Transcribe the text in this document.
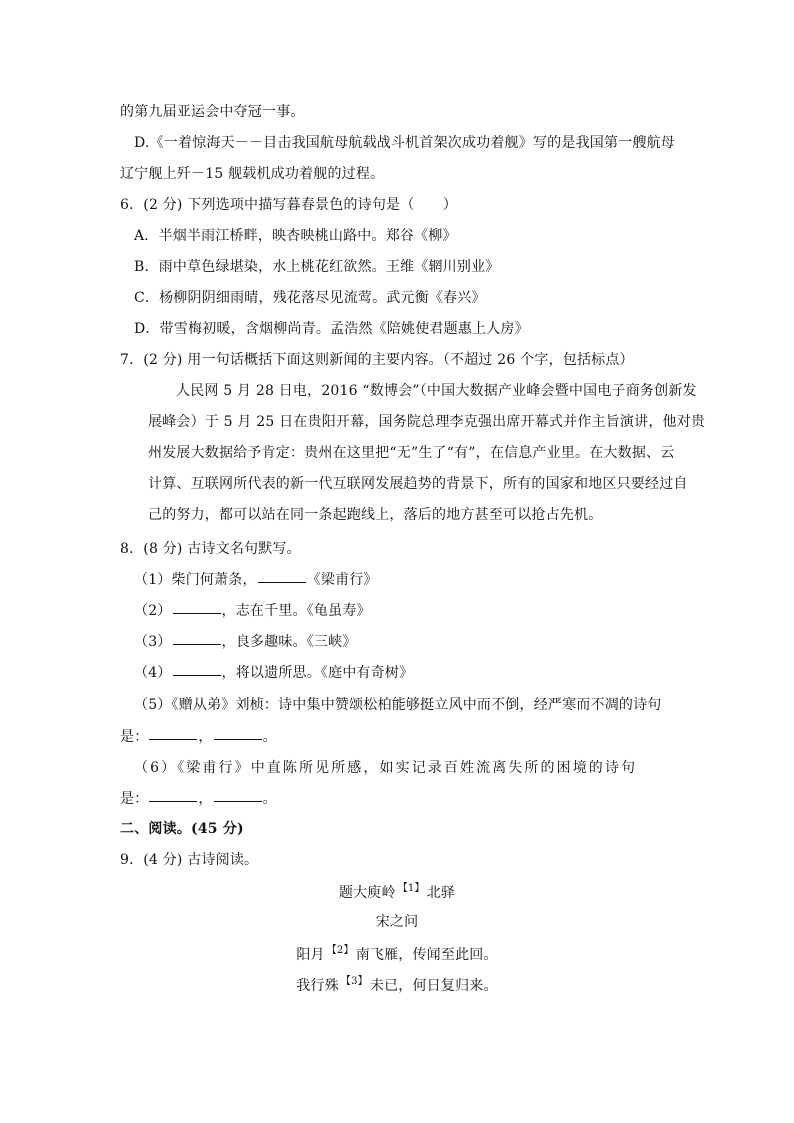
的第九届亚运会中夺冠一事。
D.《一着惊海天－－目击我国航母航载战斗机首架次成功着舰》写的是我国第一艘航母
辽宁舰上歼－15 舰载机成功着舰的过程。
6．(2 分) 下列选项中描写暮春景色的诗句是（　　）
A．半烟半雨江桥畔，映杏映桃山路中。郑谷《柳》
B．雨中草色绿堪染，水上桃花红欲然。王维《辋川别业》
C．杨柳阴阴细雨晴，残花落尽见流莺。武元衡《春兴》
D．带雪梅初暖，含烟柳尚青。孟浩然《陪姚使君题惠上人房》
7．(2 分) 用一句话概括下面这则新闻的主要内容。（不超过 26 个字，包括标点）
人民网 5 月 28 日电，2016 “数博会”（中国大数据产业峰会暨中国电子商务创新发
展峰会）于 5 月 25 日在贵阳开幕，国务院总理李克强出席开幕式并作主旨演讲，他对贵
州发展大数据给予肯定：贵州在这里把“无”生了“有”，在信息产业里。在大数据、云
计算、互联网所代表的新一代互联网发展趋势的背景下，所有的国家和地区只要经过自
己的努力，都可以站在同一条起跑线上，落后的地方甚至可以抢占先机。
8．(8 分) 古诗文名句默写。
（1）柴门何萧条，	《梁甫行》
（2）	，志在千里。《龟虽寿》
（3）	，良多趣味。《三峡》
（4）	，将以遗所思。《庭中有奇树》
（5）《赠从弟》刘桢：诗中集中赞颂松柏能够挺立风中而不倒，经严寒而不凋的诗句
是：	，	。
（6）《梁甫行》中直陈所见所感，如实记录百姓流离失所的困境的诗句
是：	，	。
二、阅读。(45 分)
9．(4 分) 古诗阅读。
题大庾岭 $^{【1】}$ 北驿
宋之问
阳月 $^{【2】}$ 南飞雁，传闻至此回。
我行殊 $^{【3】}$ 未已，何日复归来。
